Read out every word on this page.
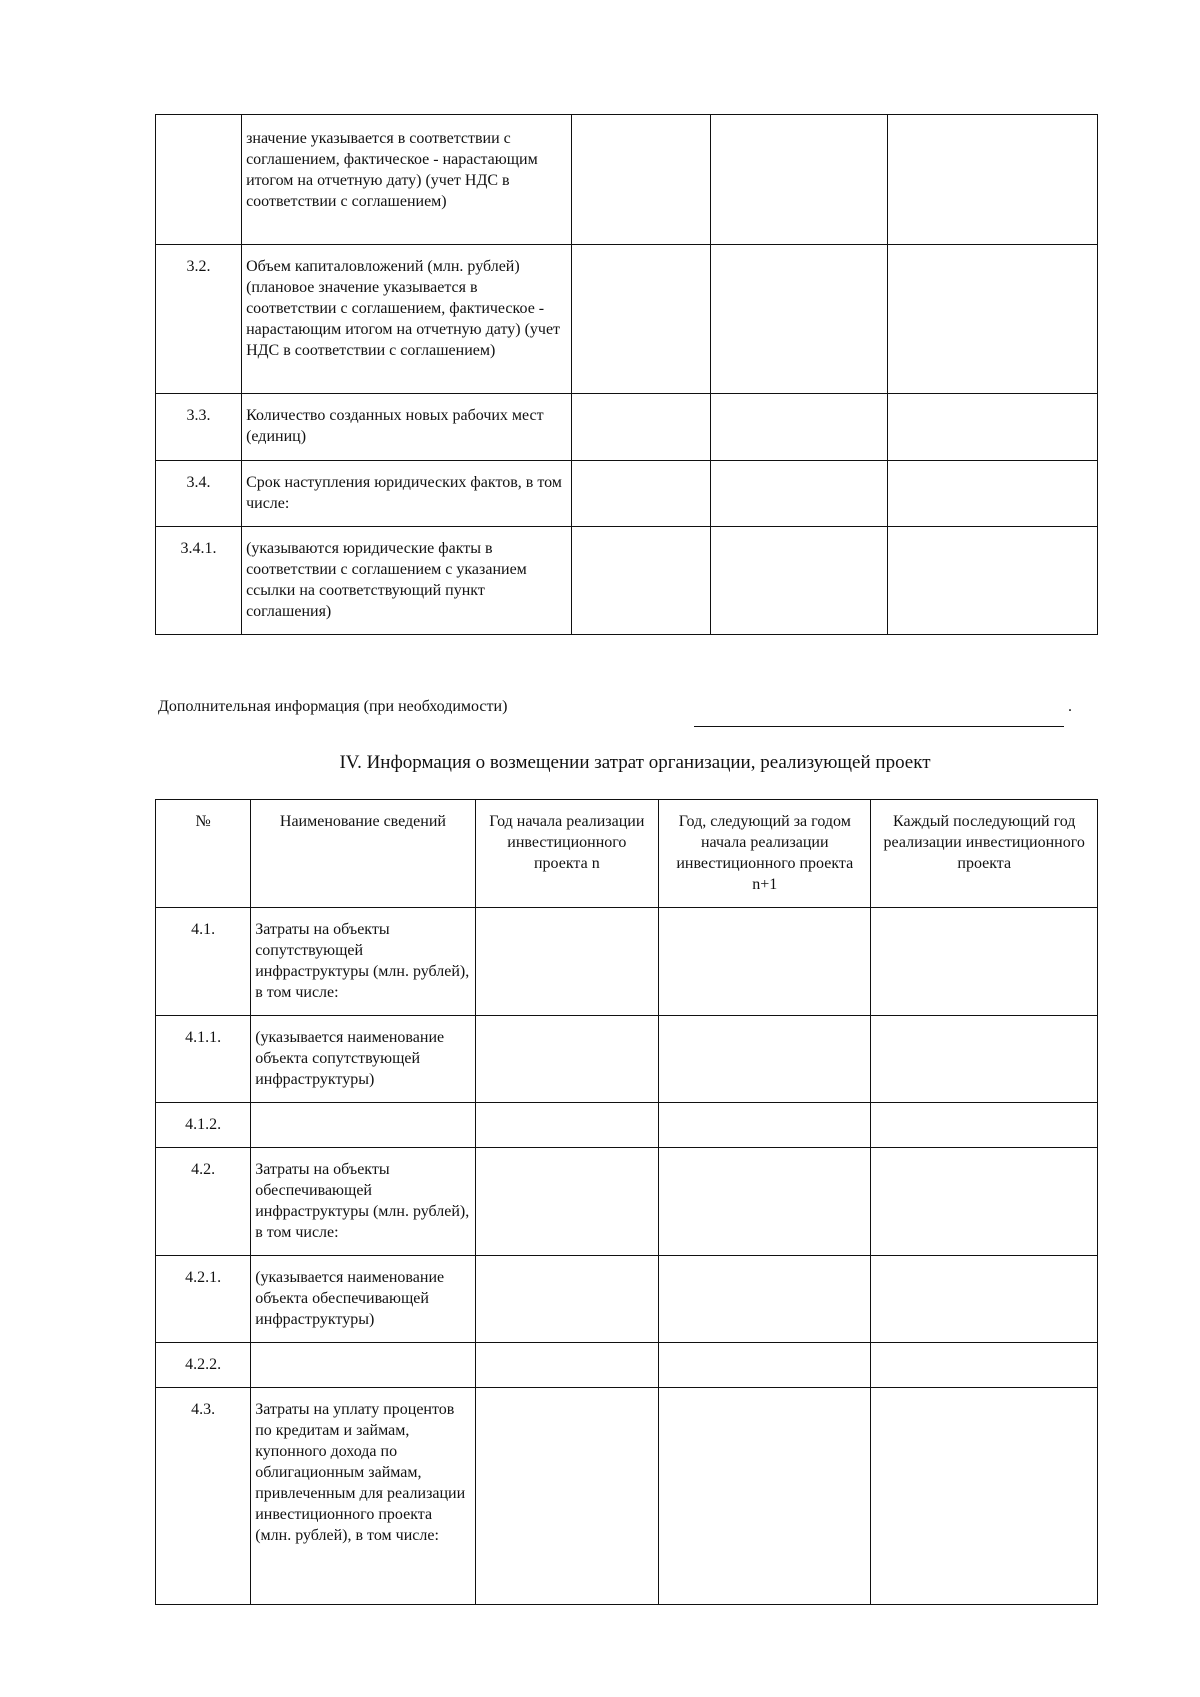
	значение указывается в соответствии с соглашением, фактическое - нарастающим итогом на отчетную дату) (учет НДС в соответствии с соглашением)			
3.2.	Объем капиталовложений (млн. рублей) (плановое значение указывается в соответствии с соглашением, фактическое - нарастающим итогом на отчетную дату) (учет НДС в соответствии с соглашением)			
3.3.	Количество созданных новых рабочих мест (единиц)			
3.4.	Срок наступления юридических фактов, в том числе:			
3.4.1.	(указываются юридические факты в соответствии с соглашением с указанием ссылки на соответствующий пункт соглашения)			
Дополнительная информация (при необходимости)	.
IV. Информация о возмещении затрат организации, реализующей проект
№	Наименование сведений	Год начала реализации инвестиционного проекта n	Год, следующий за годом начала реализации инвестиционного проекта n+1	Каждый последующий год реализации инвестиционного проекта
4.1.	Затраты на объекты сопутствующей инфраструктуры (млн. рублей), в том числе:			
4.1.1.	(указывается наименование объекта сопутствующей инфраструктуры)			
4.1.2.				
4.2.	Затраты на объекты обеспечивающей инфраструктуры (млн. рублей), в том числе:			
4.2.1.	(указывается наименование объекта обеспечивающей инфраструктуры)			
4.2.2.				
4.3.	Затраты на уплату процентов по кредитам и займам, купонного дохода по облигационным займам, привлеченным для реализации инвестиционного проекта (млн. рублей), в том числе:			
